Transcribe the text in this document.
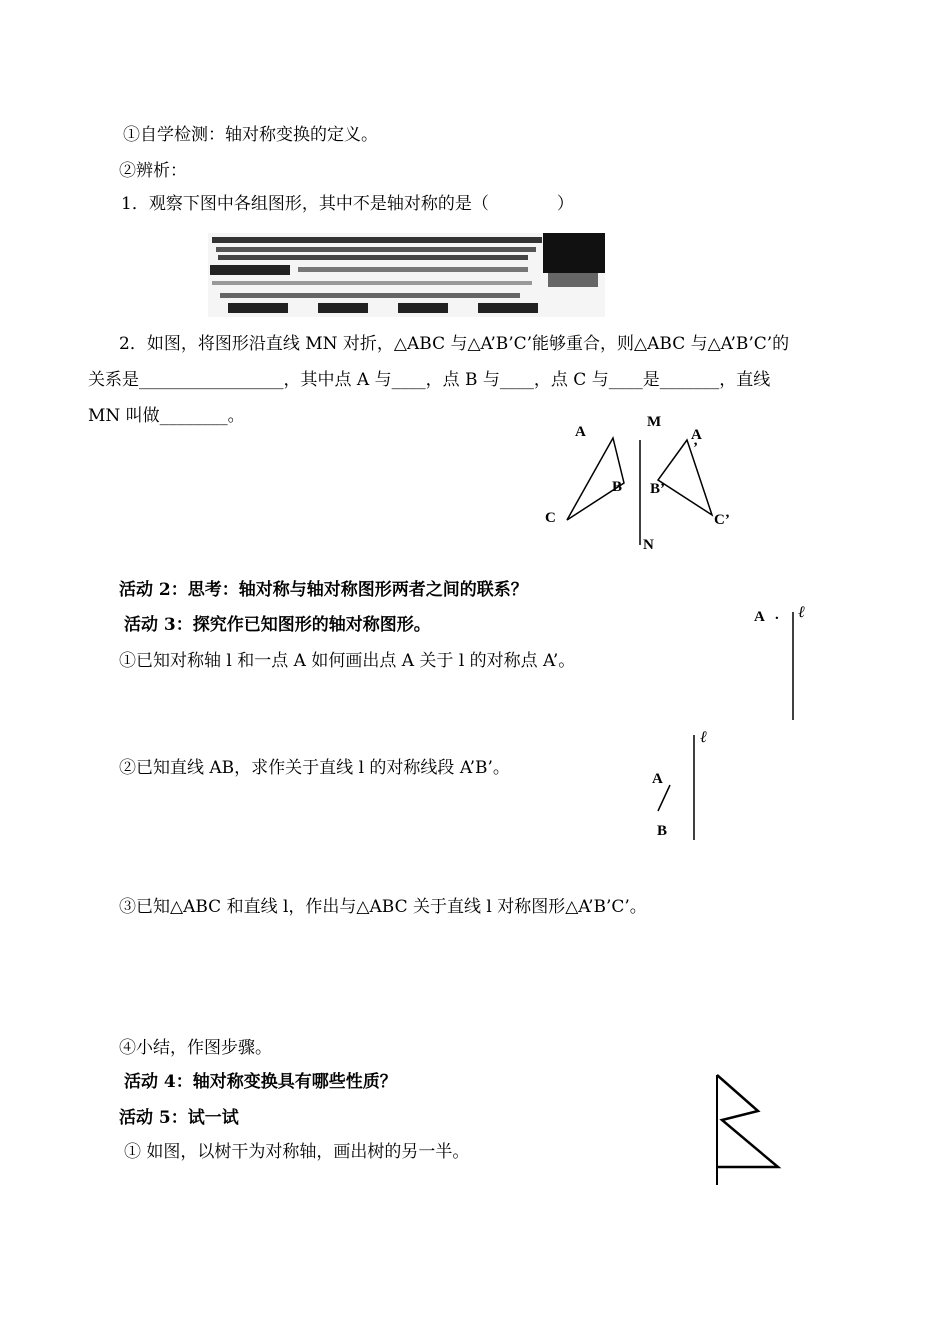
①自学检测：轴对称变换的定义。
②辨析：
1．观察下图中各组图形，其中不是轴对称的是（　　　　）
2．如图，将图形沿直线 MN 对折，△ABC 与△A’B’C’能够重合，则△ABC 与△A’B’C’的
关系是_________________，其中点 A 与____，点 B 与____，点 C 与____是_______，直线
MN 叫做________。
A
B
C
M
N
A
’
B’
C’
活动 2：思考：轴对称与轴对称图形两者之间的联系？
活动 3：探究作已知图形的轴对称图形。
①已知对称轴 l 和一点 A 如何画出点 A 关于 l 的对称点 A’。
A . ℓ
②已知直线 AB，求作关于直线 l 的对称线段 A’B’。
A
B
ℓ
③已知△ABC 和直线 l，作出与△ABC 关于直线 l 对称图形△A’B’C’。
④小结，作图步骤。
活动 4：轴对称变换具有哪些性质？
活动 5：试一试
① 如图，以树干为对称轴，画出树的另一半。
